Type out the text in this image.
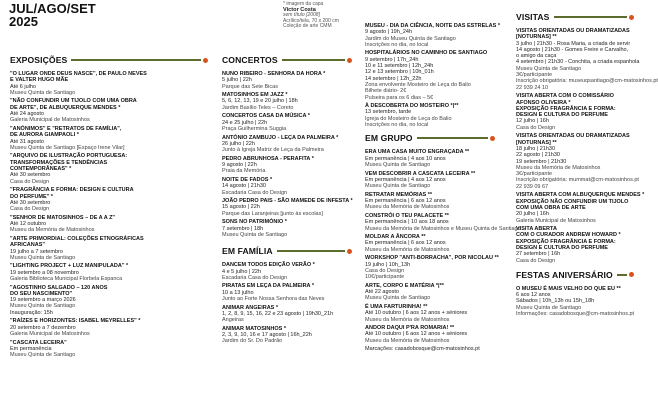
JUL/AGO/SET
2025
* imagem da capa
Victor Costa
sem título [2008]
Acrílico/tela, 70 x 200 cm
Coleção de arte CMM
EXPOSIÇÕES
"O LUGAR ONDE DEUS NASCE", DE PAULO NEVES
E VALTER HUGO MÃE
Até 6 julho
Museu Quinta de Santiago
"NÃO CONFUNDIR UM TIJOLO COM UMA OBRA
DE ARTE", DE ALBUQUERQUE MENDES *
Até 24 agosto
Galeria Municipal de Matosinhos
"ANÓNIMOS" E "RETRATOS DE FAMÍLIA",
DE AURORA GIAMPAOLI *
Até 31 agosto
Museu Quinta de Santiago [Espaço Irene Vilar]
"ARQUIVO DE ILUSTRAÇÃO PORTUGUESA:
TRANSFORMAÇÕES E TENDÊNCIAS
CONTEMPORÂNEAS" *
Até 30 setembro
Casa do Design
"FRAGRÂNCIA E FORMA: DESIGN E CULTURA
DO PERFUME" *
Até 30 setembro
Casa do Design
"SENHOR DE MATOSINHOS – DE A A Z"
Até 12 outubro
Museu da Memória de Matosinhos
"ARTE PRIMORDIAL: COLEÇÕES ETNOGRÁFICAS
AFRICANAS"
19 julho a 7 setembro
Museu Quinta de Santiago
"LIGHTING PROJECT + LUZ MANIPULADA" *
19 setembro a 08 novembro
Galeria Biblioteca Municipal Florbela Espanca
"AGOSTINHO SALGADO – 120 ANOS
DO SEU NASCIMENTO"
19 setembro a março 2026
Museu Quinta de Santiago
Inauguração: 15h
"RAÍZES E HORIZONTES: ISABEL MEYRELLES" *
20 setembro a 7 dezembro
Galeria Municipal de Matosinhos
"CASCATA LECEIRA"
Em permanência
Museu Quinta de Santiago
CONCERTOS
NUNO RIBEIRO - SENHORA DA HORA *
5 julho | 22h
Parque das Sete Bicas
MATOSINHOS EM JAZZ *
5, 6, 12, 13, 19 e 20 julho | 18h
Jardim Basílio Teles – Coreto
CONCERTOS CASA DA MÚSICA *
24 e 25 julho | 22h
Praça Guilhermina Suggia
ANTÓNIO ZAMBUJO - LEÇA DA PALMEIRA *
26 julho | 22h
Junto à Igreja Matriz de Leça da Palmeira
PEDRO ABRUNHOSA - PERAFITA *
9 agosto | 22h
Praia da Memória
NOITE DE FADOS *
14 agosto | 21h30
Escadaria Casa do Design
JOÃO PEDRO PAIS - SÃO MAMEDE DE INFESTA *
15 agosto | 22h
Parque das Laranjeiras [junto às escolas]
SONS NO PATRIMÓNIO *
7 setembro | 18h
Museu Quinta de Santiago
EM FAMÍLIA
DANCEM TODOS EDIÇÃO VERÃO *
4 e 5 julho | 22h
Escadaria Casa do Design
PIRATAS EM LEÇA DA PALMEIRA *
10 a 13 julho
Junto ao Forte Nossa Senhora das Neves
ANIMAR ANGEIRAS *
1, 2, 8, 9, 15, 16, 22 e 23 agosto | 19h30_21h
Angeiras
ANIMAR MATOSINHOS *
2, 3, 9, 10, 16 e 17 agosto | 16h_22h
Jardim do Sr. Do Padrão
MUSEU - DIA DA CIÊNCIA, NOITE DAS ESTRELAS *
9 agosto | 19h_24h
Jardim do Museu Quinta de Santiago
Inscrições no dia, no local
HOSPITALÁRIOS NO CAMINHO DE SANTIAGO
9 setembro | 17h_24h
10 e 11 setembro | 12h_24h
12 e 13 setembro | 10h_01h
14 setembro | 12h_22h
Zona envolvente Mosteiro de Leça do Balio
Bilhete diário- 2€
Pulseira para os 6 dias – 5€
À DESCOBERTA DO MOSTEIRO *|**
13 setembro, tarde
Igreja do Mosteiro de Leça do Balio
Inscrições no dia, no local
EM GRUPO
ERA UMA CASA MUITO ENGRAÇADA **
Em permanência | 4 aos 10 anos
Museu Quinta de Santiago
VEM DESCOBRIR A CASCATA LECEIRA **
Em permanência | 4 aos 12 anos
Museu Quinta de Santiago
RETRATAR MEMÓRIAS **
Em permanência | 6 aos 12 anos
Museu da Memória de Matosinhos
CONSTRÓI O TEU PALACETE **
Em permanência | 10 aos 18 anos
Museu da Memória de Matosinhos e Museu Quinta de Santiago
MOLDAR A ÂNCORA **
Em permanência | 6 aos 12 anos
Museu da Memória de Matosinhos
WORKSHOP "ANTI-BORRACHA", POR NICOLAU **
19 julho | 10h_13h
Casa do Design
10€/participante
ARTE, CORPO E MATÉRIA *|**
Até 22 agosto
Museu Quinta de Santiago
É UMA FARTURINHA! **
Até 10 outubro | 6 aos 12 anos + séniores
Museu da Memória de Matosinhos
ANDOR DAQUI P'RA ROMARIA! **
Até 10 outubro | 6 aos 12 anos + séniores
Museu da Memória de Matosinhos
Marcações: casadobosque@cm-matosinhos.pt
VISITAS
VISITAS ORIENTADAS OU DRAMATIZADAS
[NOTURNAS] **
3 julho | 21h30 - Rosa Maria, a criada de servir
14 agosto | 21h30 - Gomes Freire e Carvalho,
o amigo da caça
4 setembro | 21h30 - Conchita, a criada espanhola
Museu Quinta de Santiago
3€/participante
Inscrição obrigatória: museuqsantiago@cm-matosinhos.pt
22 939 24 10
VISITA ABERTA COM O COMISSÁRIO
AFONSO OLIVEIRA *
EXPOSIÇÃO FRAGRÂNCIA E FORMA:
DESIGN E CULTURA DO PERFUME
12 julho | 16h
Casa do Design
VISITAS ORIENTADAS OU DRAMATIZADAS
[NOTURNAS] **
18 julho | 21h30
22 agosto | 21h30
19 setembro | 21h30
Museu da Memória de Matosinhos
3€/participante
Inscrição obrigatória: mummat@cm-matosinhos.pt
22 939 09 67
VISITA ABERTA COM ALBUQUERQUE MENDES *
EXPOSIÇÃO NÃO CONFUNDIR UM TIJOLO
COM UMA OBRA DE ARTE
20 julho | 16h
Galeria Municipal de Matosinhos
VISITA ABERTA
COM O CURADOR ANDREW HOWARD *
EXPOSIÇÃO FRAGRÂNCIA E FORMA:
DESIGN E CULTURA DO PERFUME
27 setembro | 16h
Casa do Design
FESTAS ANIVERSÁRIO
O MUSEU É MAIS VELHO DO QUE EU **
6 aos 12 anos
Sábados | 10h_13h ou 15h_18h
Museu Quinta de Santiago
Informações: casadobosque@cm-matosinhos.pt
